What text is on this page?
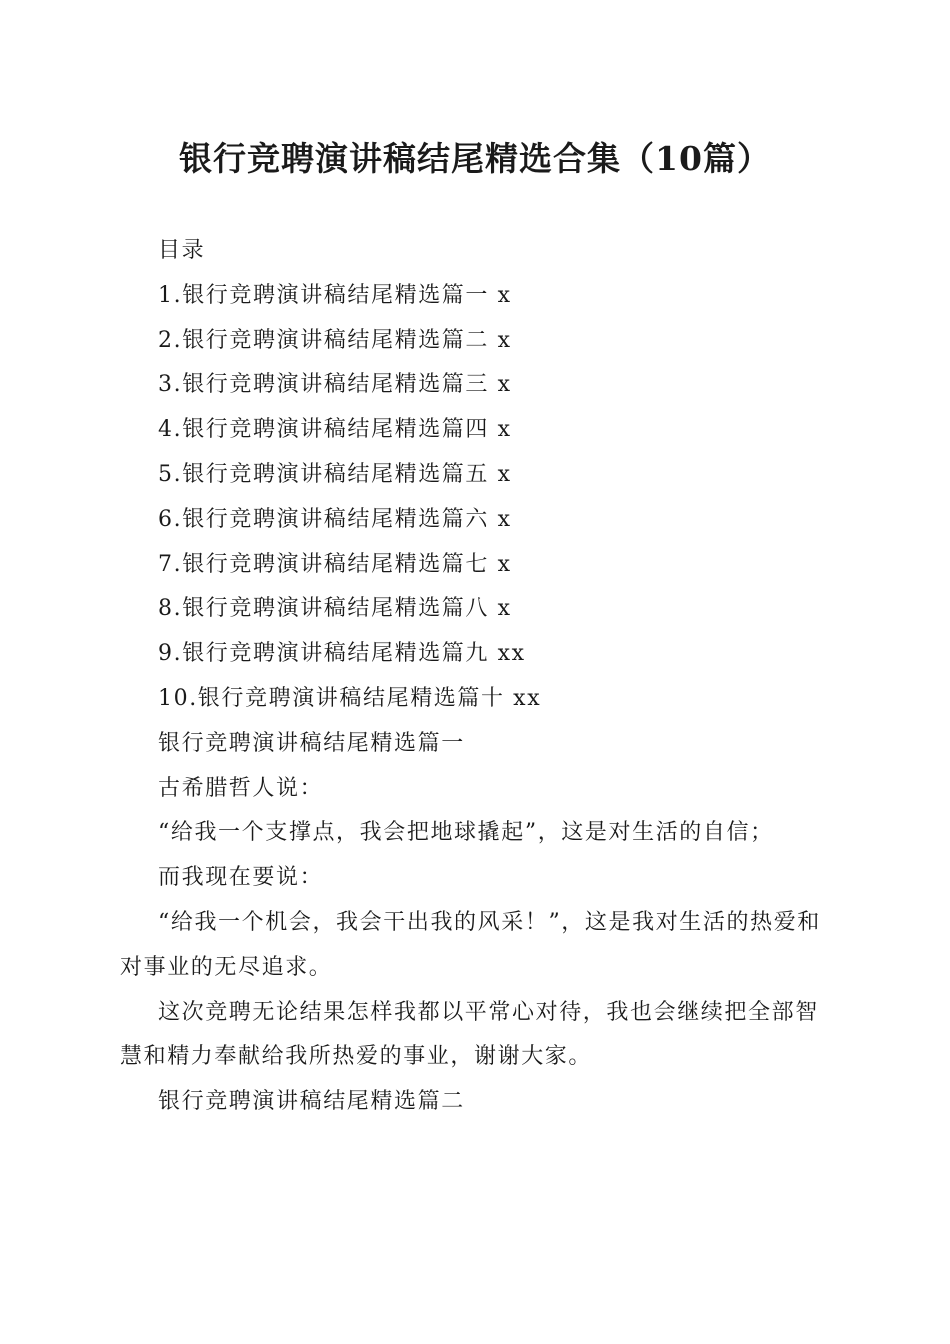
银行竞聘演讲稿结尾精选合集（10篇）
目录
1.银行竞聘演讲稿结尾精选篇一 x
2.银行竞聘演讲稿结尾精选篇二 x
3.银行竞聘演讲稿结尾精选篇三 x
4.银行竞聘演讲稿结尾精选篇四 x
5.银行竞聘演讲稿结尾精选篇五 x
6.银行竞聘演讲稿结尾精选篇六 x
7.银行竞聘演讲稿结尾精选篇七 x
8.银行竞聘演讲稿结尾精选篇八 x
9.银行竞聘演讲稿结尾精选篇九 xx
10.银行竞聘演讲稿结尾精选篇十 xx
银行竞聘演讲稿结尾精选篇一
古希腊哲人说：
“给我一个支撑点，我会把地球撬起”，这是对生活的自信；
而我现在要说：
“给我一个机会，我会干出我的风采！”，这是我对生活的热爱和对事业的无尽追求。
这次竞聘无论结果怎样我都以平常心对待，我也会继续把全部智慧和精力奉献给我所热爱的事业，谢谢大家。
银行竞聘演讲稿结尾精选篇二
